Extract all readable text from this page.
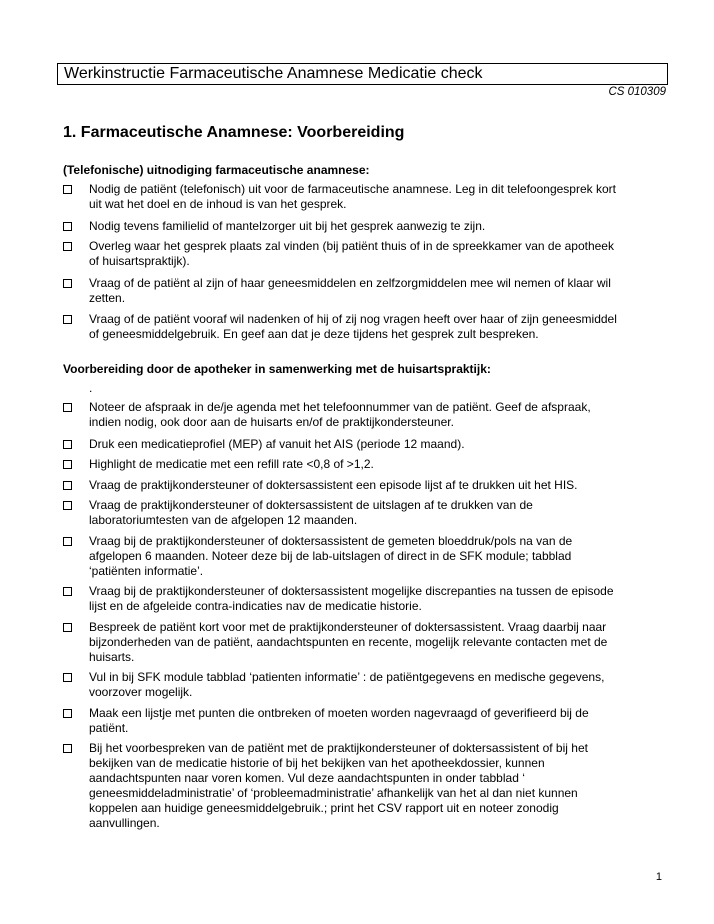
Werkinstructie Farmaceutische Anamnese Medicatie check
CS 010309
1. Farmaceutische Anamnese: Voorbereiding
(Telefonische) uitnodiging farmaceutische anamnese:
Nodig de patiënt (telefonisch) uit voor de farmaceutische anamnese. Leg in dit telefoongesprek kort
uit wat het doel en de inhoud is van het gesprek.
Nodig tevens familielid of mantelzorger uit bij het gesprek aanwezig te zijn.
Overleg waar het gesprek plaats zal vinden (bij patiënt thuis of in de spreekkamer van de apotheek
of huisartspraktijk).
Vraag of de patiënt al zijn of haar geneesmiddelen en zelfzorgmiddelen mee wil nemen of klaar wil
zetten.
Vraag of de patiënt vooraf wil nadenken of hij of zij nog vragen heeft over haar of zijn geneesmiddel
of geneesmiddelgebruik. En geef aan dat je deze tijdens het gesprek zult bespreken.
Voorbereiding door de apotheker in samenwerking met de huisartspraktijk:
.
Noteer de afspraak in de/je agenda met het telefoonnummer van de patiënt. Geef de afspraak,
indien nodig, ook door aan de huisarts en/of de praktijkondersteuner.
Druk een medicatieprofiel (MEP) af vanuit het AIS (periode 12 maand).
Highlight de medicatie met een refill rate <0,8 of >1,2.
Vraag de praktijkondersteuner of doktersassistent een episode lijst af te drukken uit het HIS.
Vraag de praktijkondersteuner of doktersassistent de uitslagen af te drukken van de
laboratoriumtesten van de afgelopen 12 maanden.
Vraag bij de praktijkondersteuner of doktersassistent de gemeten bloeddruk/pols na van de
afgelopen 6 maanden. Noteer deze bij de lab-uitslagen of direct in de SFK module; tabblad
‘patiënten informatie’.
Vraag bij de praktijkondersteuner of doktersassistent mogelijke discrepanties na tussen de episode
lijst en de afgeleide contra-indicaties nav de medicatie historie.
Bespreek de patiënt kort voor met de praktijkondersteuner of doktersassistent. Vraag daarbij naar
bijzonderheden van de patiënt, aandachtspunten en recente, mogelijk relevante contacten met de
huisarts.
Vul in bij SFK module tabblad ‘patienten informatie’ : de patiëntgegevens en medische gegevens,
voorzover mogelijk.
Maak een lijstje met punten die ontbreken of moeten worden nagevraagd of geverifieerd bij de
patiënt.
Bij het voorbespreken van de patiënt met de praktijkondersteuner of doktersassistent of bij het
bekijken van de medicatie historie of bij het bekijken van het apotheekdossier, kunnen
aandachtspunten naar voren komen. Vul deze aandachtspunten in onder tabblad ‘
geneesmiddeladministratie’ of ‘probleemadministratie’ afhankelijk van het al dan niet kunnen
koppelen aan huidige geneesmiddelgebruik.; print het CSV rapport uit en noteer zonodig
aanvullingen.
1
